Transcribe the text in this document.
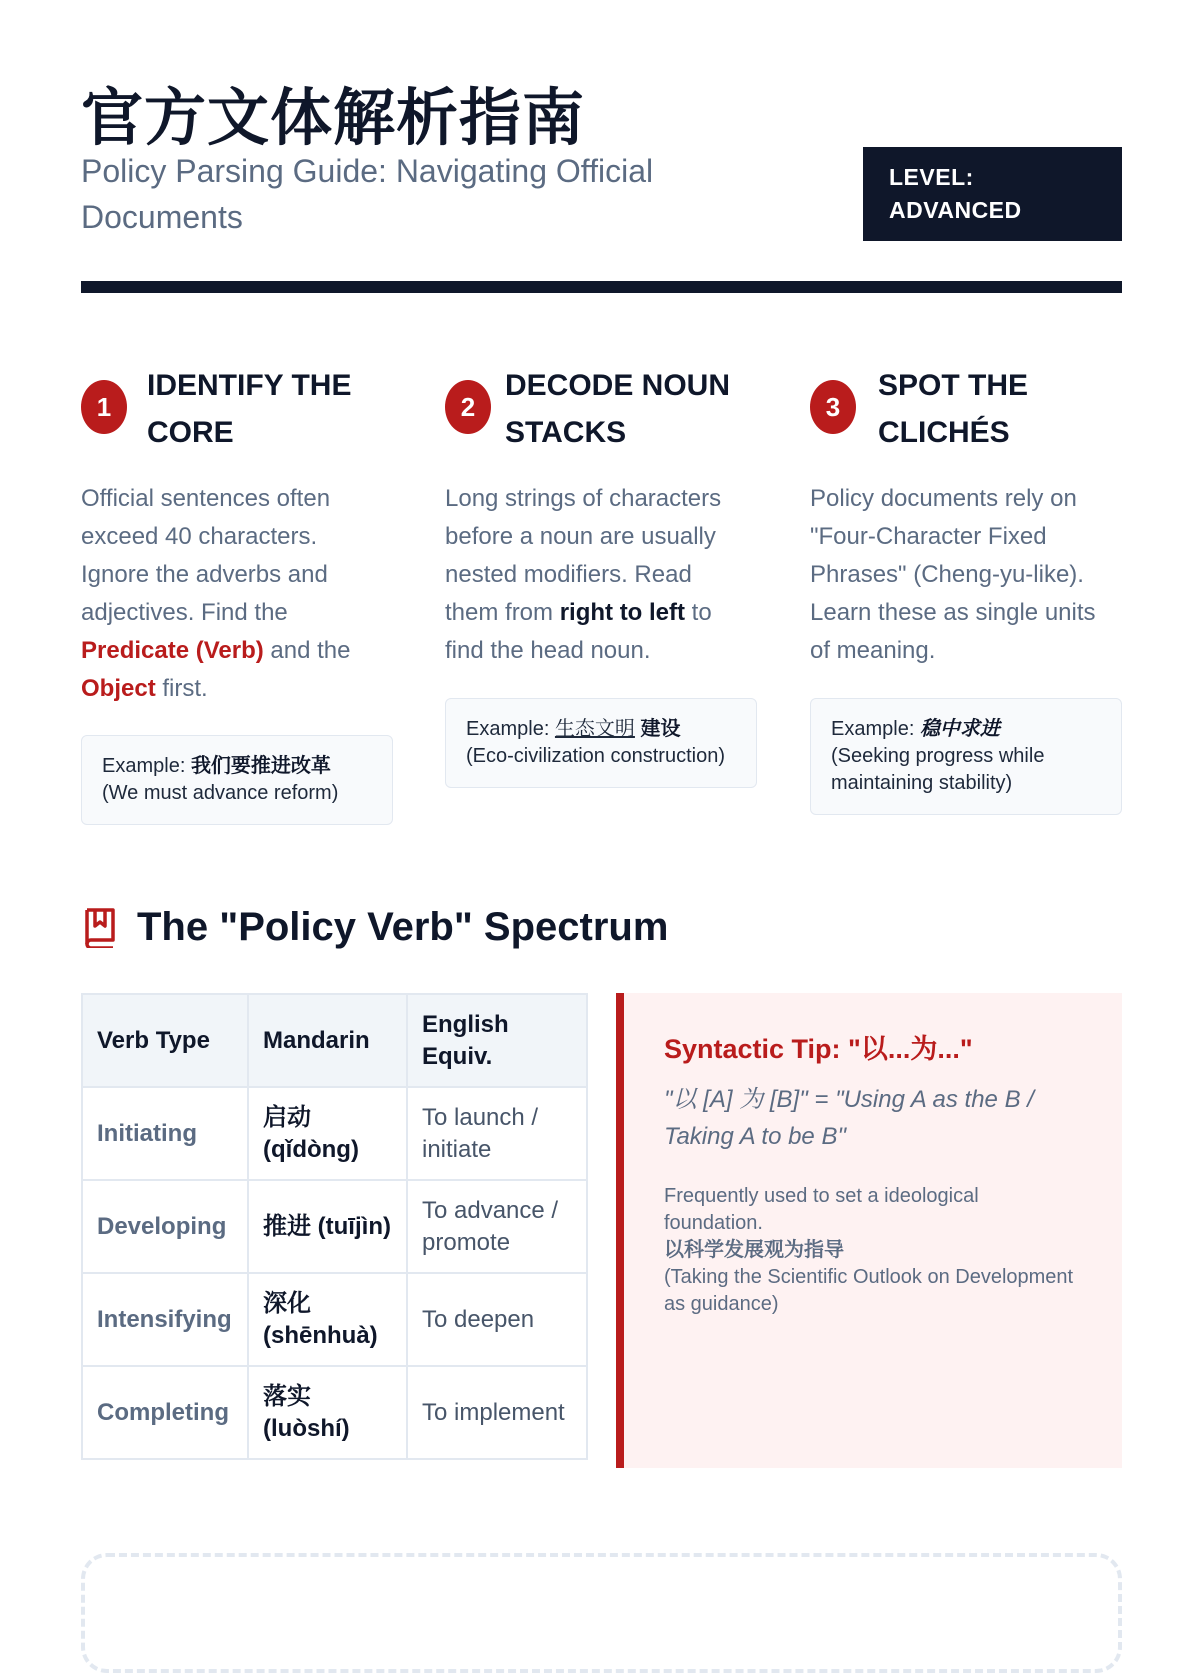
官方文体解析指南

Policy Parsing Guide: Navigating Official Documents

LEVEL:
ADVANCED
1
IDENTIFY THE
CORE

Official sentences often exceed 40 characters. Ignore the adverbs and adjectives. Find the Predicate (Verb) and the Object first.

Example: 我们要推进改革
(We must advance reform)
2
DECODE NOUN
STACKS

Long strings of characters before a noun are usually nested modifiers. Read them from right to left to find the head noun.

Example: 生态文明 建设
(Eco-civilization construction)
3
SPOT THE
CLICHÉS

Policy documents rely on "Four-Character Fixed Phrases" (Cheng-yu-like). Learn these as single units of meaning.

Example: 稳中求进
(Seeking progress while maintaining stability)
The "Policy Verb" Spectrum
Verb Type	Mandarin	English Equiv.
Initiating	启动 (qǐdòng)	To launch / initiate
Developing	推进 (tuījìn)	To advance / promote
Intensifying	深化 (shēnhuà)	To deepen
Completing	落实 (luòshí)	To implement
Syntactic Tip: "以...为..."

"以 [A] 为 [B]" = "Using A as the B / Taking A to be B"

Frequently used to set a ideological foundation.
以科学发展观为指导
(Taking the Scientific Outlook on Development as guidance)
